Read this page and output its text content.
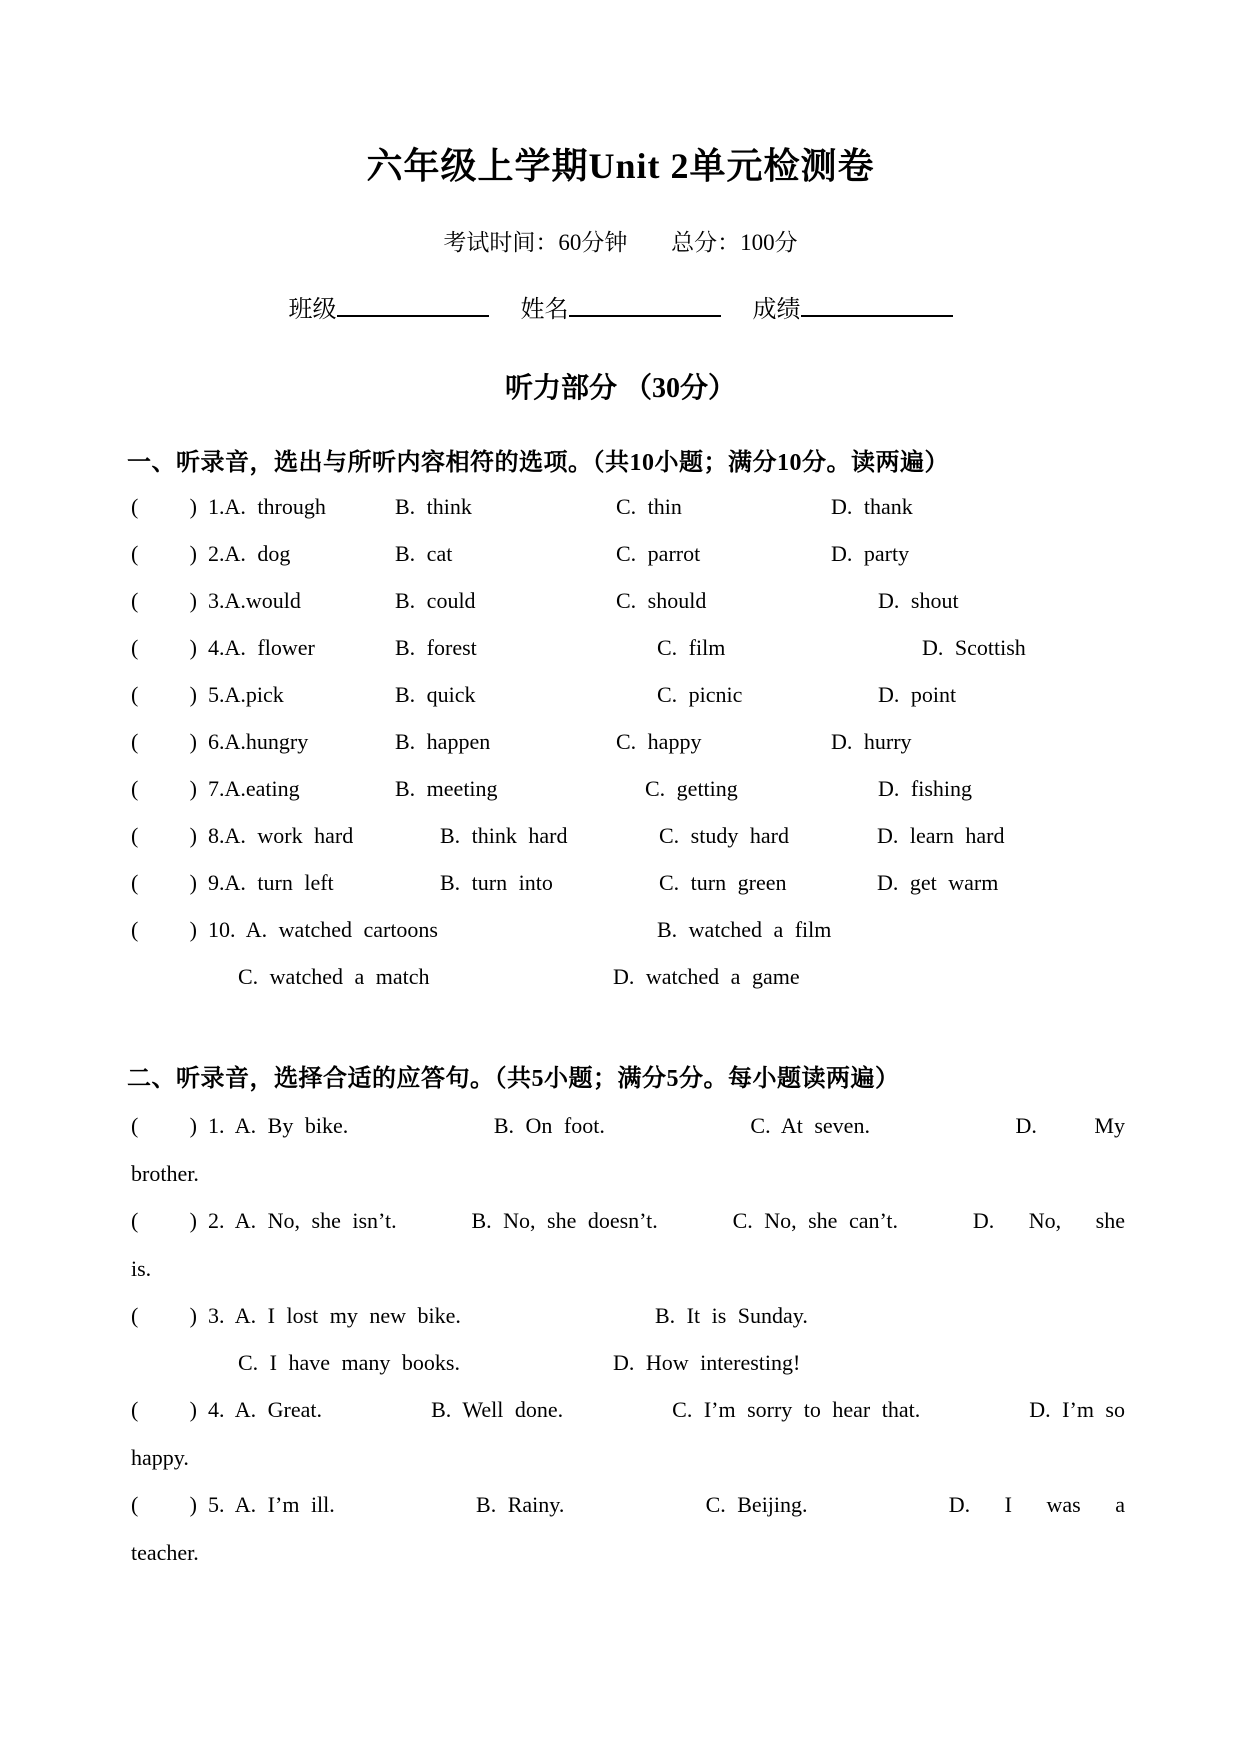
六年级上学期Unit 2单元检测卷
考试时间：60分钟 总分：100分
班级	姓名	成绩
听力部分 （30分）
一、听录音，选出与所听内容相符的选项。（共10小题；满分10分。读两遍）
( ) 1.A. through	B. think	C. thin	D. thank
( ) 2.A. dog	B. cat	C. parrot	D. party
( ) 3.A.would	B. could	C. should	D. shout
( ) 4.A. flower	B. forest	C. film	D. Scottish
( ) 5.A.pick	B. quick	C. picnic	D. point
( ) 6.A.hungry	B. happen	C. happy	D. hurry
( ) 7.A.eating	B. meeting	C. getting	D. fishing
( ) 8.A. work hard	B. think hard	C. study hard	D. learn hard
( ) 9.A. turn left	B. turn into	C. turn green	D. get warm
( ) 10. A. watched cartoons	B. watched a film
C. watched a match	D. watched a game
二、听录音，选择合适的应答句。（共5小题；满分5分。每小题读两遍）
( ) 1. A. By bike.	B. On foot.	C. At seven.	D.     My
brother.
( ) 2. A. No, she isn’t.	B. No, she doesn’t.	C. No, she can’t.	D.   No,   she
is.
( ) 3. A. I lost my new bike.	B. It is Sunday.
C. I have many books.	D. How interesting!
( ) 4. A. Great.	B. Well done.	C. I’m sorry to hear that.	D. I’m so
happy.
( ) 5. A. I’m ill.	B. Rainy.	C. Beijing.	D.   I   was   a
teacher.
